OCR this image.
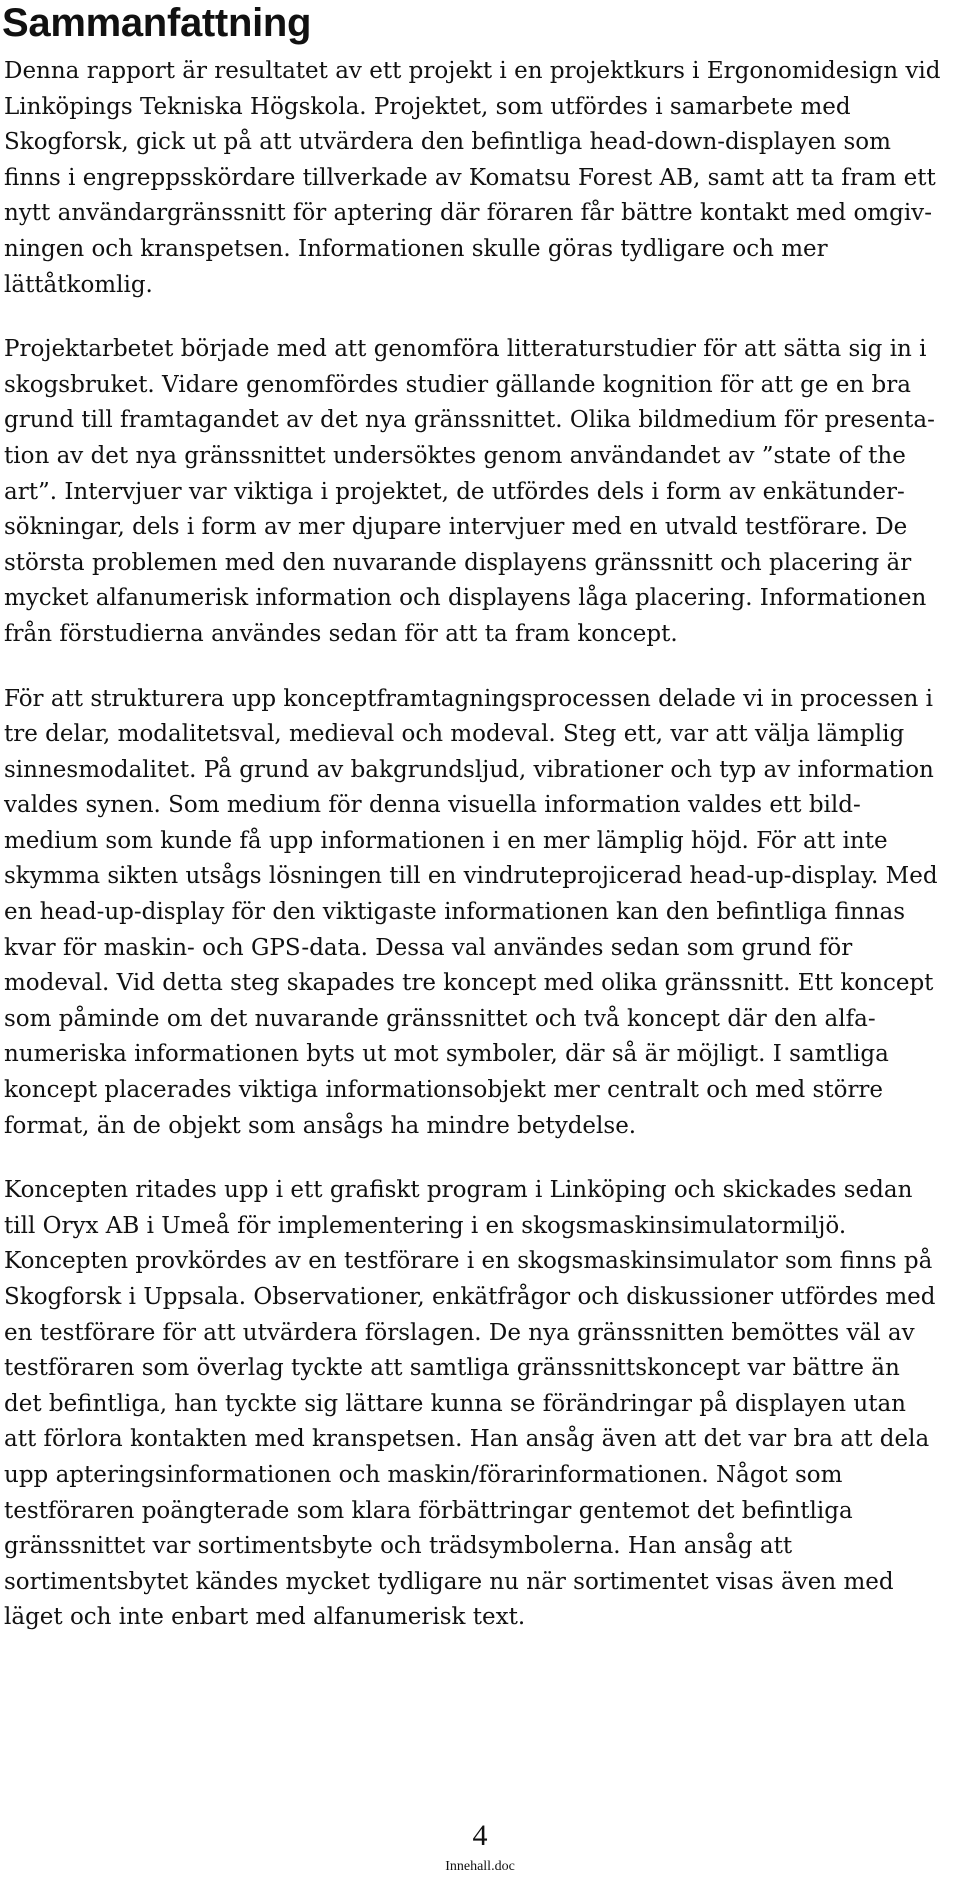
Sammanfattning

Denna rapport är resultatet av ett projekt i en projektkurs i Ergonomidesign vid Linköpings Tekniska Högskola. Projektet, som utfördes i samarbete med Skogforsk, gick ut på att utvärdera den befintliga head-down-displayen som finns i engreppsskördare tillverkade av Komatsu Forest AB, samt att ta fram ett nytt användargränssnitt för aptering där föraren får bättre kontakt med omgivningen och kranspetsen. Informationen skulle göras tydligare och mer lättåtkomlig.

Projektarbetet började med att genomföra litteraturstudier för att sätta sig in i skogsbruket. Vidare genomfördes studier gällande kognition för att ge en bra grund till framtagandet av det nya gränssnittet. Olika bildmedium för presentation av det nya gränssnittet undersöktes genom användandet av ”state of the art”. Intervjuer var viktiga i projektet, de utfördes dels i form av enkätundersökningar, dels i form av mer djupare intervjuer med en utvald testförare. De största problemen med den nuvarande displayens gränssnitt och placering är mycket alfanumerisk information och displayens låga placering. Informationen från förstudierna användes sedan för att ta fram koncept.

För att strukturera upp konceptframtagningsprocessen delade vi in processen i tre delar, modalitetsval, medieval och modeval. Steg ett, var att välja lämplig sinnesmodalitet. På grund av bakgrundsljud, vibrationer och typ av information valdes synen. Som medium för denna visuella information valdes ett bildmedium som kunde få upp informationen i en mer lämplig höjd. För att inte skymma sikten utsågs lösningen till en vindruteprojicerad head-up-display. Med en head-up-display för den viktigaste informationen kan den befintliga finnas kvar för maskin- och GPS-data. Dessa val användes sedan som grund för modeval. Vid detta steg skapades tre koncept med olika gränssnitt. Ett koncept som påminde om det nuvarande gränssnittet och två koncept där den alfanumeriska informationen byts ut mot symboler, där så är möjligt. I samtliga koncept placerades viktiga informationsobjekt mer centralt och med större format, än de objekt som ansågs ha mindre betydelse.

Koncepten ritades upp i ett grafiskt program i Linköping och skickades sedan till Oryx AB i Umeå för implementering i en skogsmaskinsimulatormiljö. Koncepten provkördes av en testförare i en skogsmaskinsimulator som finns på Skogforsk i Uppsala. Observationer, enkätfrågor och diskussioner utfördes med en testförare för att utvärdera förslagen. De nya gränssnitten bemöttes väl av testföraren som överlag tyckte att samtliga gränssnittskoncept var bättre än det befintliga, han tyckte sig lättare kunna se förändringar på displayen utan att förlora kontakten med kranspetsen. Han ansåg även att det var bra att dela upp apteringsinformationen och maskin/förarinformationen. Något som testföraren poängterade som klara förbättringar gentemot det befintliga gränssnittet var sortimentsbyte och trädsymbolerna. Han ansåg att sortimentsbytet kändes mycket tydligare nu när sortimentet visas även med läget och inte enbart med alfanumerisk text.

4
Innehall.doc
